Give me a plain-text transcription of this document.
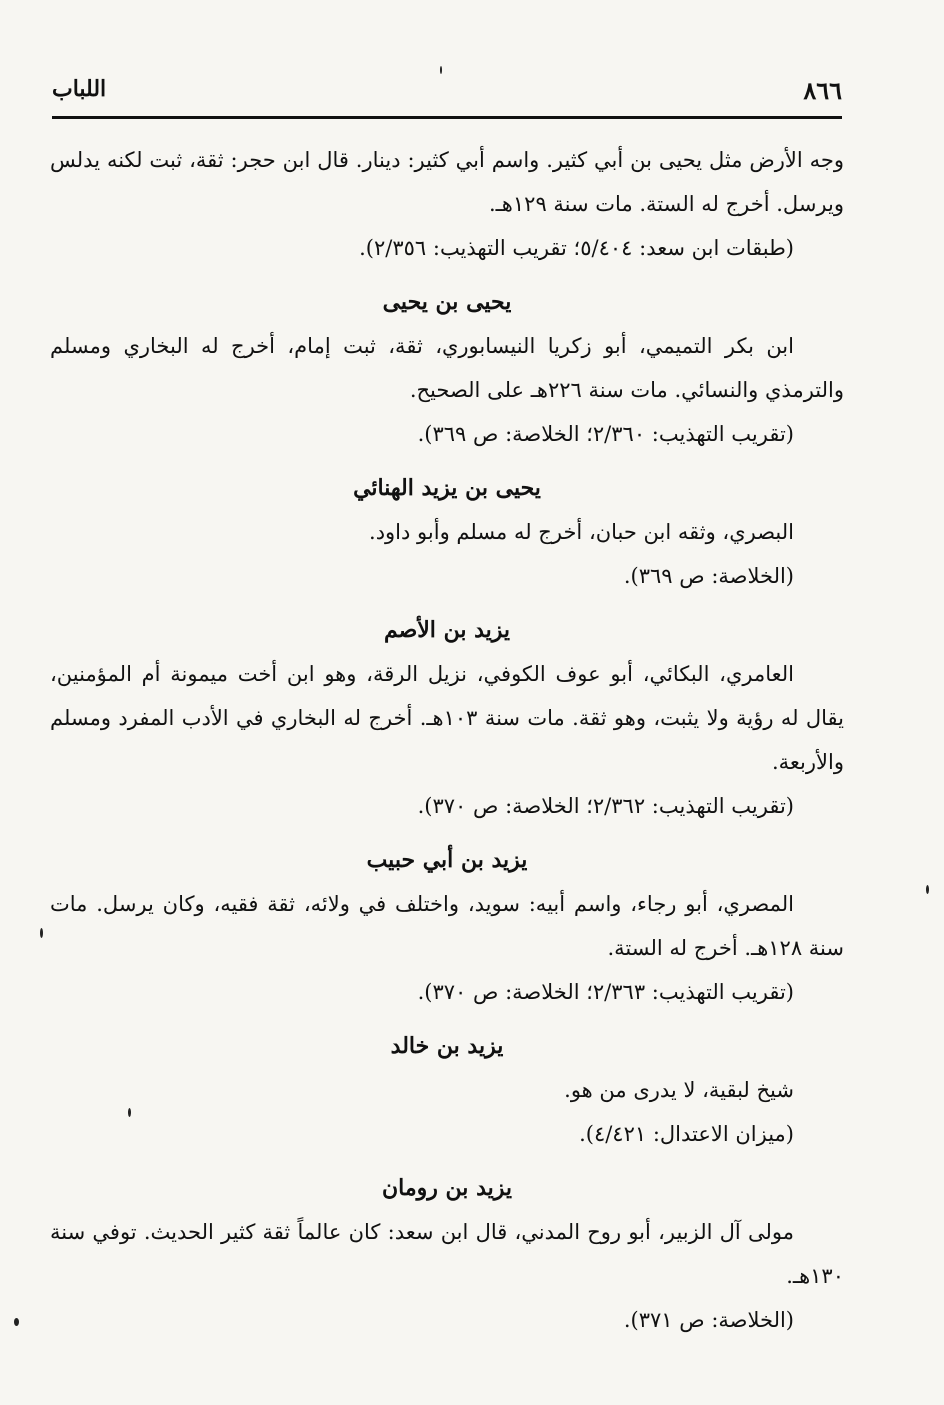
٨٦٦
اللباب

وجه الأرض مثل يحيى بن أبي كثير. واسم أبي كثير: دينار. قال ابن حجر: ثقة، ثبت لكنه يدلس ويرسل. أخرج له الستة. مات سنة ١٢٩هـ.

(طبقات ابن سعد: ٥/٤٠٤؛ تقريب التهذيب: ٢/٣٥٦).

يحيى بن يحيى

ابن بكر التميمي، أبو زكريا النيسابوري، ثقة، ثبت إمام، أخرج له البخاري ومسلم والترمذي والنسائي. مات سنة ٢٢٦هـ على الصحيح.

(تقريب التهذيب: ٢/٣٦٠؛ الخلاصة: ص ٣٦٩).

يحيى بن يزيد الهنائي

البصري، وثقه ابن حبان، أخرج له مسلم وأبو داود.

(الخلاصة: ص ٣٦٩).

يزيد بن الأصم

العامري، البكائي، أبو عوف الكوفي، نزيل الرقة، وهو ابن أخت ميمونة أم المؤمنين، يقال له رؤية ولا يثبت، وهو ثقة. مات سنة ١٠٣هـ. أخرج له البخاري في الأدب المفرد ومسلم والأربعة.

(تقريب التهذيب: ٢/٣٦٢؛ الخلاصة: ص ٣٧٠).

يزيد بن أبي حبيب

المصري، أبو رجاء، واسم أبيه: سويد، واختلف في ولائه، ثقة فقيه، وكان يرسل. مات سنة ١٢٨هـ. أخرج له الستة.

(تقريب التهذيب: ٢/٣٦٣؛ الخلاصة: ص ٣٧٠).

يزيد بن خالد

شيخ لبقية، لا يدرى من هو.

(ميزان الاعتدال: ٤/٤٢١).

يزيد بن رومان

مولى آل الزبير، أبو روح المدني، قال ابن سعد: كان عالماً ثقة كثير الحديث. توفي سنة ١٣٠هـ.

(الخلاصة: ص ٣٧١).
